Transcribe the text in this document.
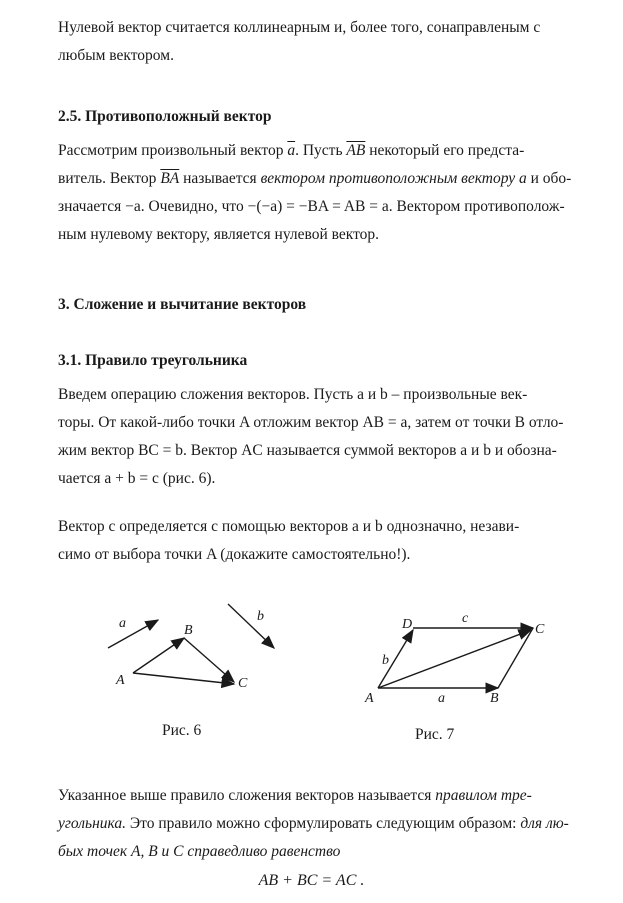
Нулевой вектор считается коллинеарным и, более того, сонаправленым с
любым вектором.
2.5. Противоположный вектор
Рассмотрим произвольный вектор $\overline{a}$. Пусть $\overline{AB}$ некоторый его предста-
витель. Вектор $\overline{BA}$ называется вектором противоположным вектору a и обо-
значается −a. Очевидно, что −(−a) = −BA = AB = a. Вектором противополож-
ным нулевому вектору, является нулевой вектор.
3. Сложение и вычитание векторов
3.1. Правило треугольника
Введем операцию сложения векторов. Пусть a и b – произвольные век-
торы. От какой-либо точки A отложим вектор AB = a, затем от точки B отло-
жим вектор BC = b. Вектор AC называется суммой векторов a и b и обозна-
чается a + b = c (рис. 6).
Вектор c определяется с помощью векторов a и b однозначно, незави-
симо от выбора точки A (докажите самостоятельно!).
a	b
A
B
C
D	C
A	B
c
b
a
Рис. 6	Рис. 7
Указанное выше правило сложения векторов называется правилом тре-
угольника. Это правило можно сформулировать следующим образом: для лю-
бых точек A, B и C справедливо равенство
AB + BC = AC .
